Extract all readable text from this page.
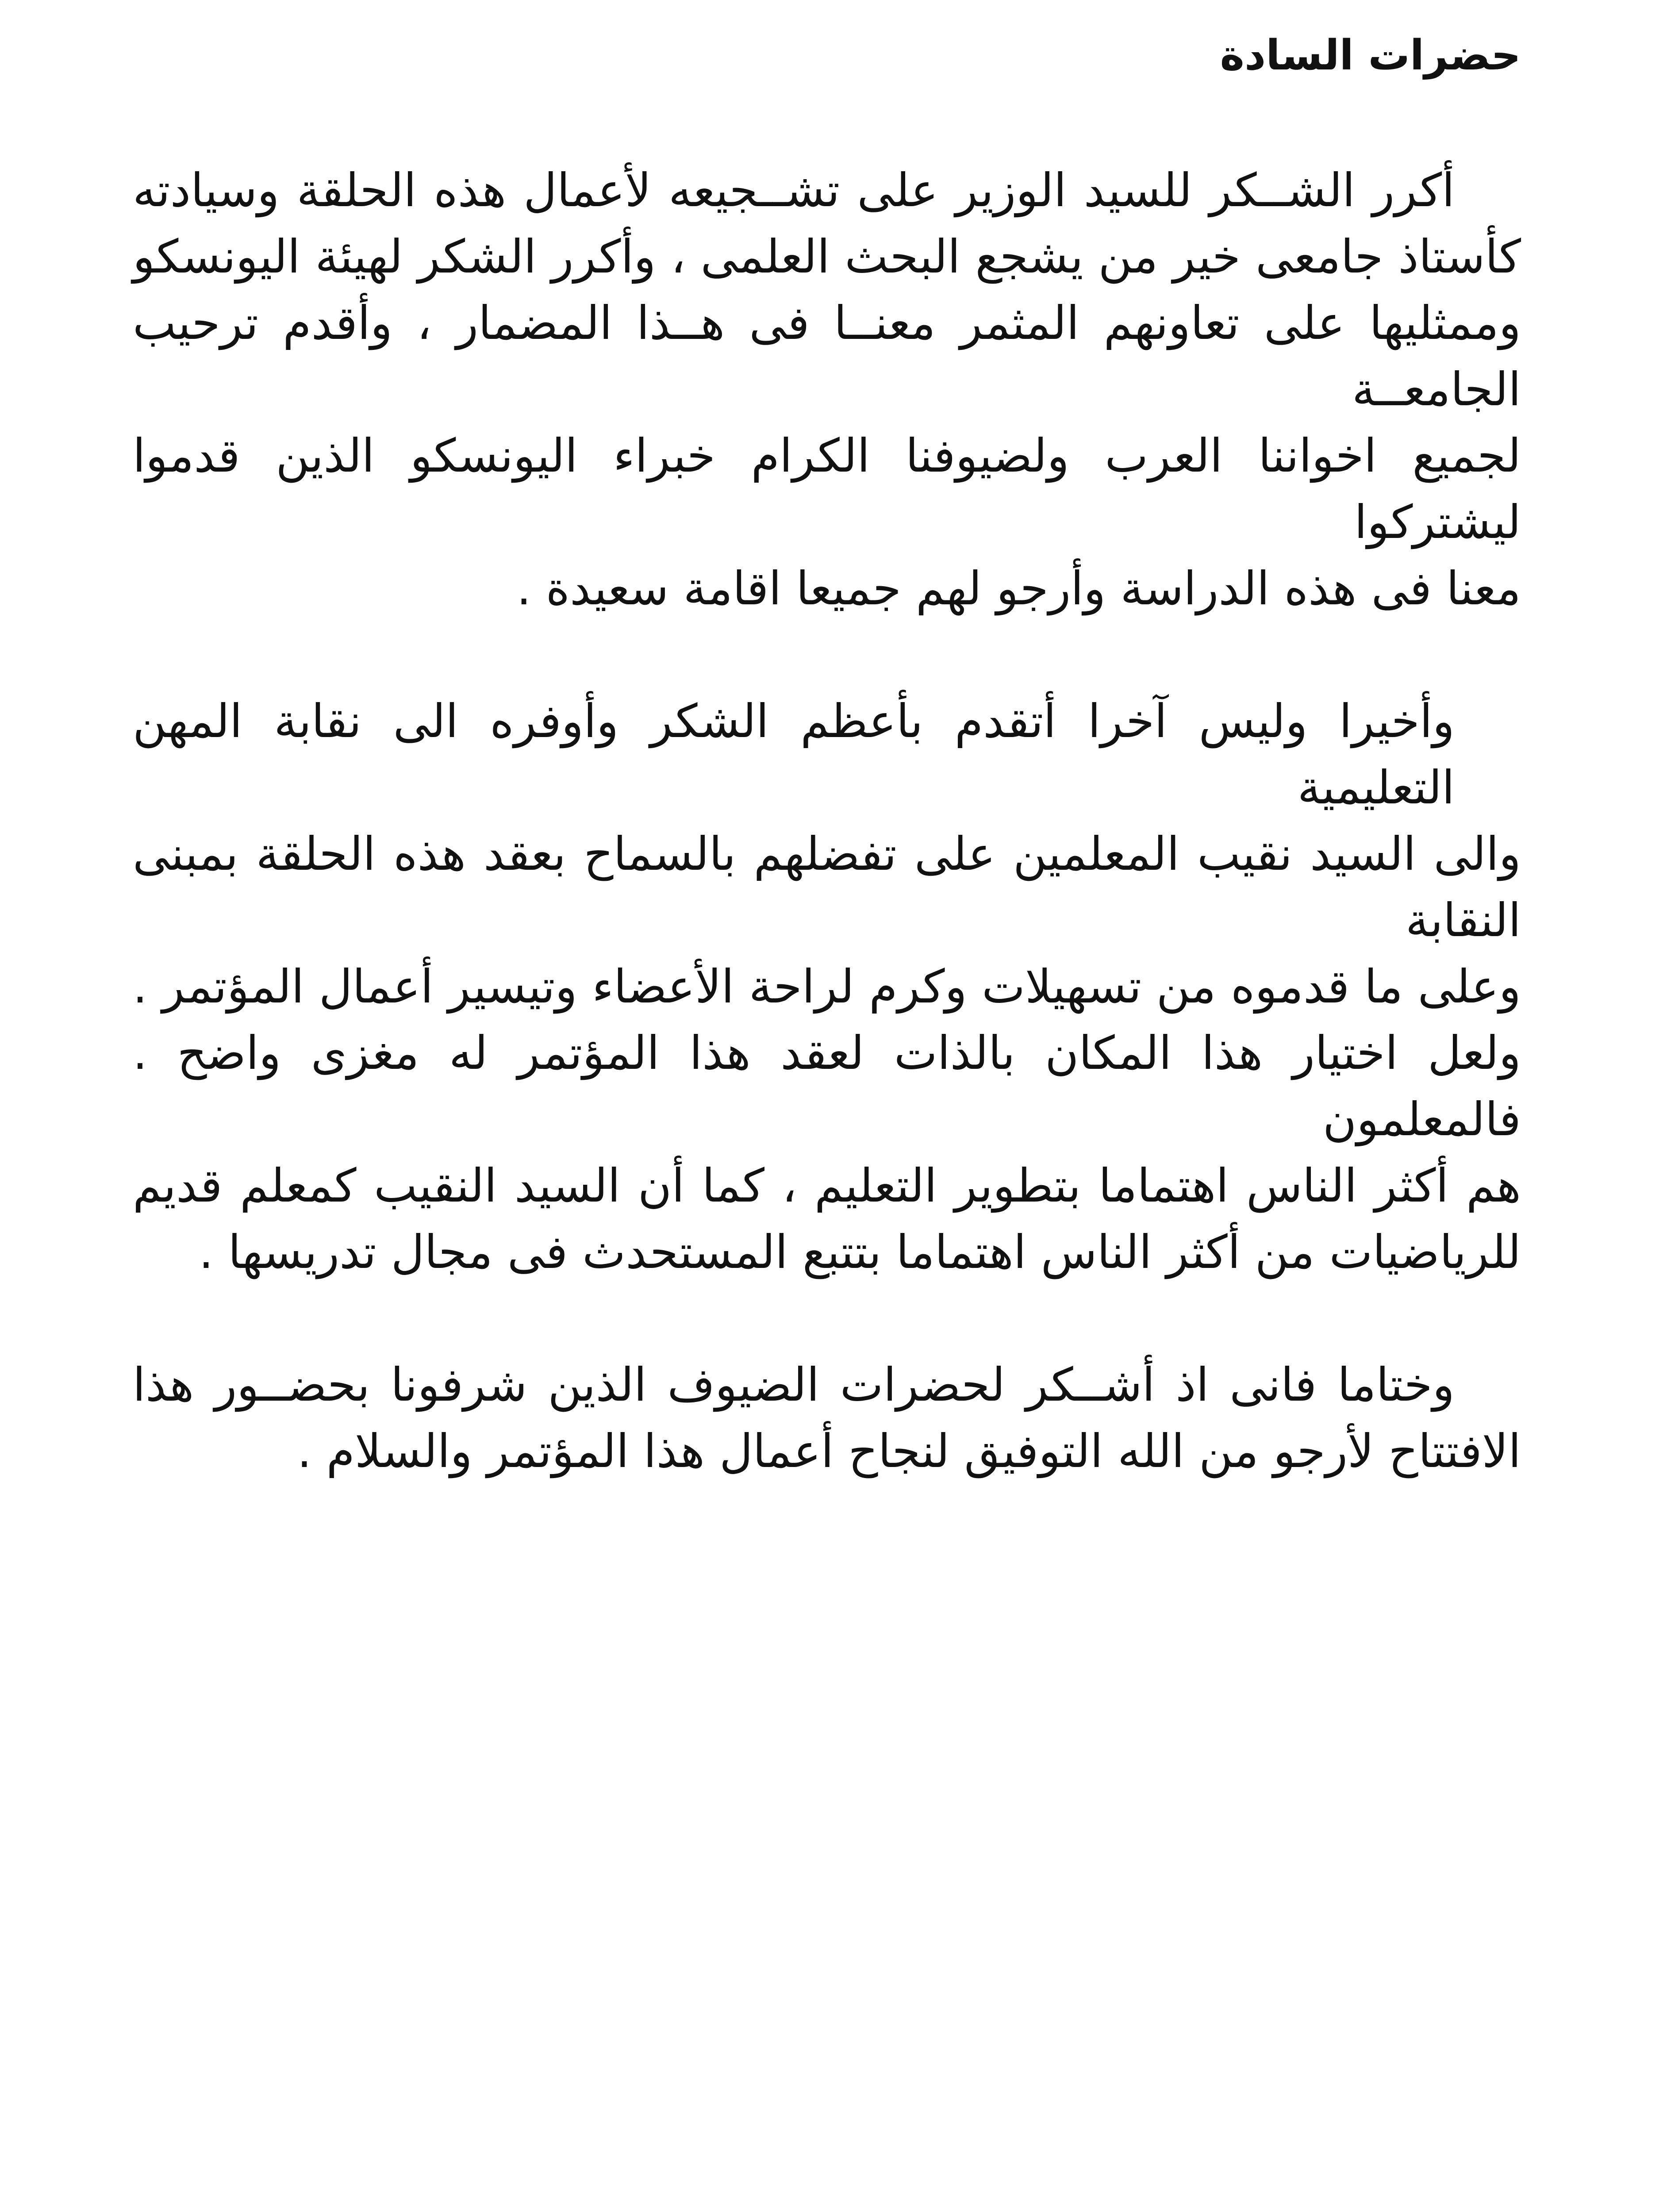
حضرات السادة

أكرر الشــكر للسيد الوزير على تشــجيعه لأعمال هذه الحلقة وسيادته
كأستاذ جامعى خير من يشجع البحث العلمى ، وأكرر الشكر لهيئة اليونسكو
وممثليها على تعاونهم المثمر معنــا فى هــذا المضمار ، وأقدم ترحيب الجامعــة
لجميع اخواننا العرب ولضيوفنا الكرام خبراء اليونسكو الذين قدموا ليشتركوا
معنا فى هذه الدراسة وأرجو لهم جميعا اقامة سعيدة .

وأخيرا وليس آخرا أتقدم بأعظم الشكر وأوفره الى نقابة المهن التعليمية
والى السيد نقيب المعلمين على تفضلهم بالسماح بعقد هذه الحلقة بمبنى النقابة
وعلى ما قدموه من تسهيلات وكرم لراحة الأعضاء وتيسير أعمال المؤتمر .
ولعل اختيار هذا المكان بالذات لعقد هذا المؤتمر له مغزى واضح . فالمعلمون
هم أكثر الناس اهتماما بتطوير التعليم ، كما أن السيد النقيب كمعلم قديم
للرياضيات من أكثر الناس اهتماما بتتبع المستحدث فى مجال تدريسها .

وختاما فانى اذ أشــكر لحضرات الضيوف الذين شرفونا بحضــور هذا
الافتتاح لأرجو من الله التوفيق لنجاح أعمال هذا المؤتمر والسلام .
